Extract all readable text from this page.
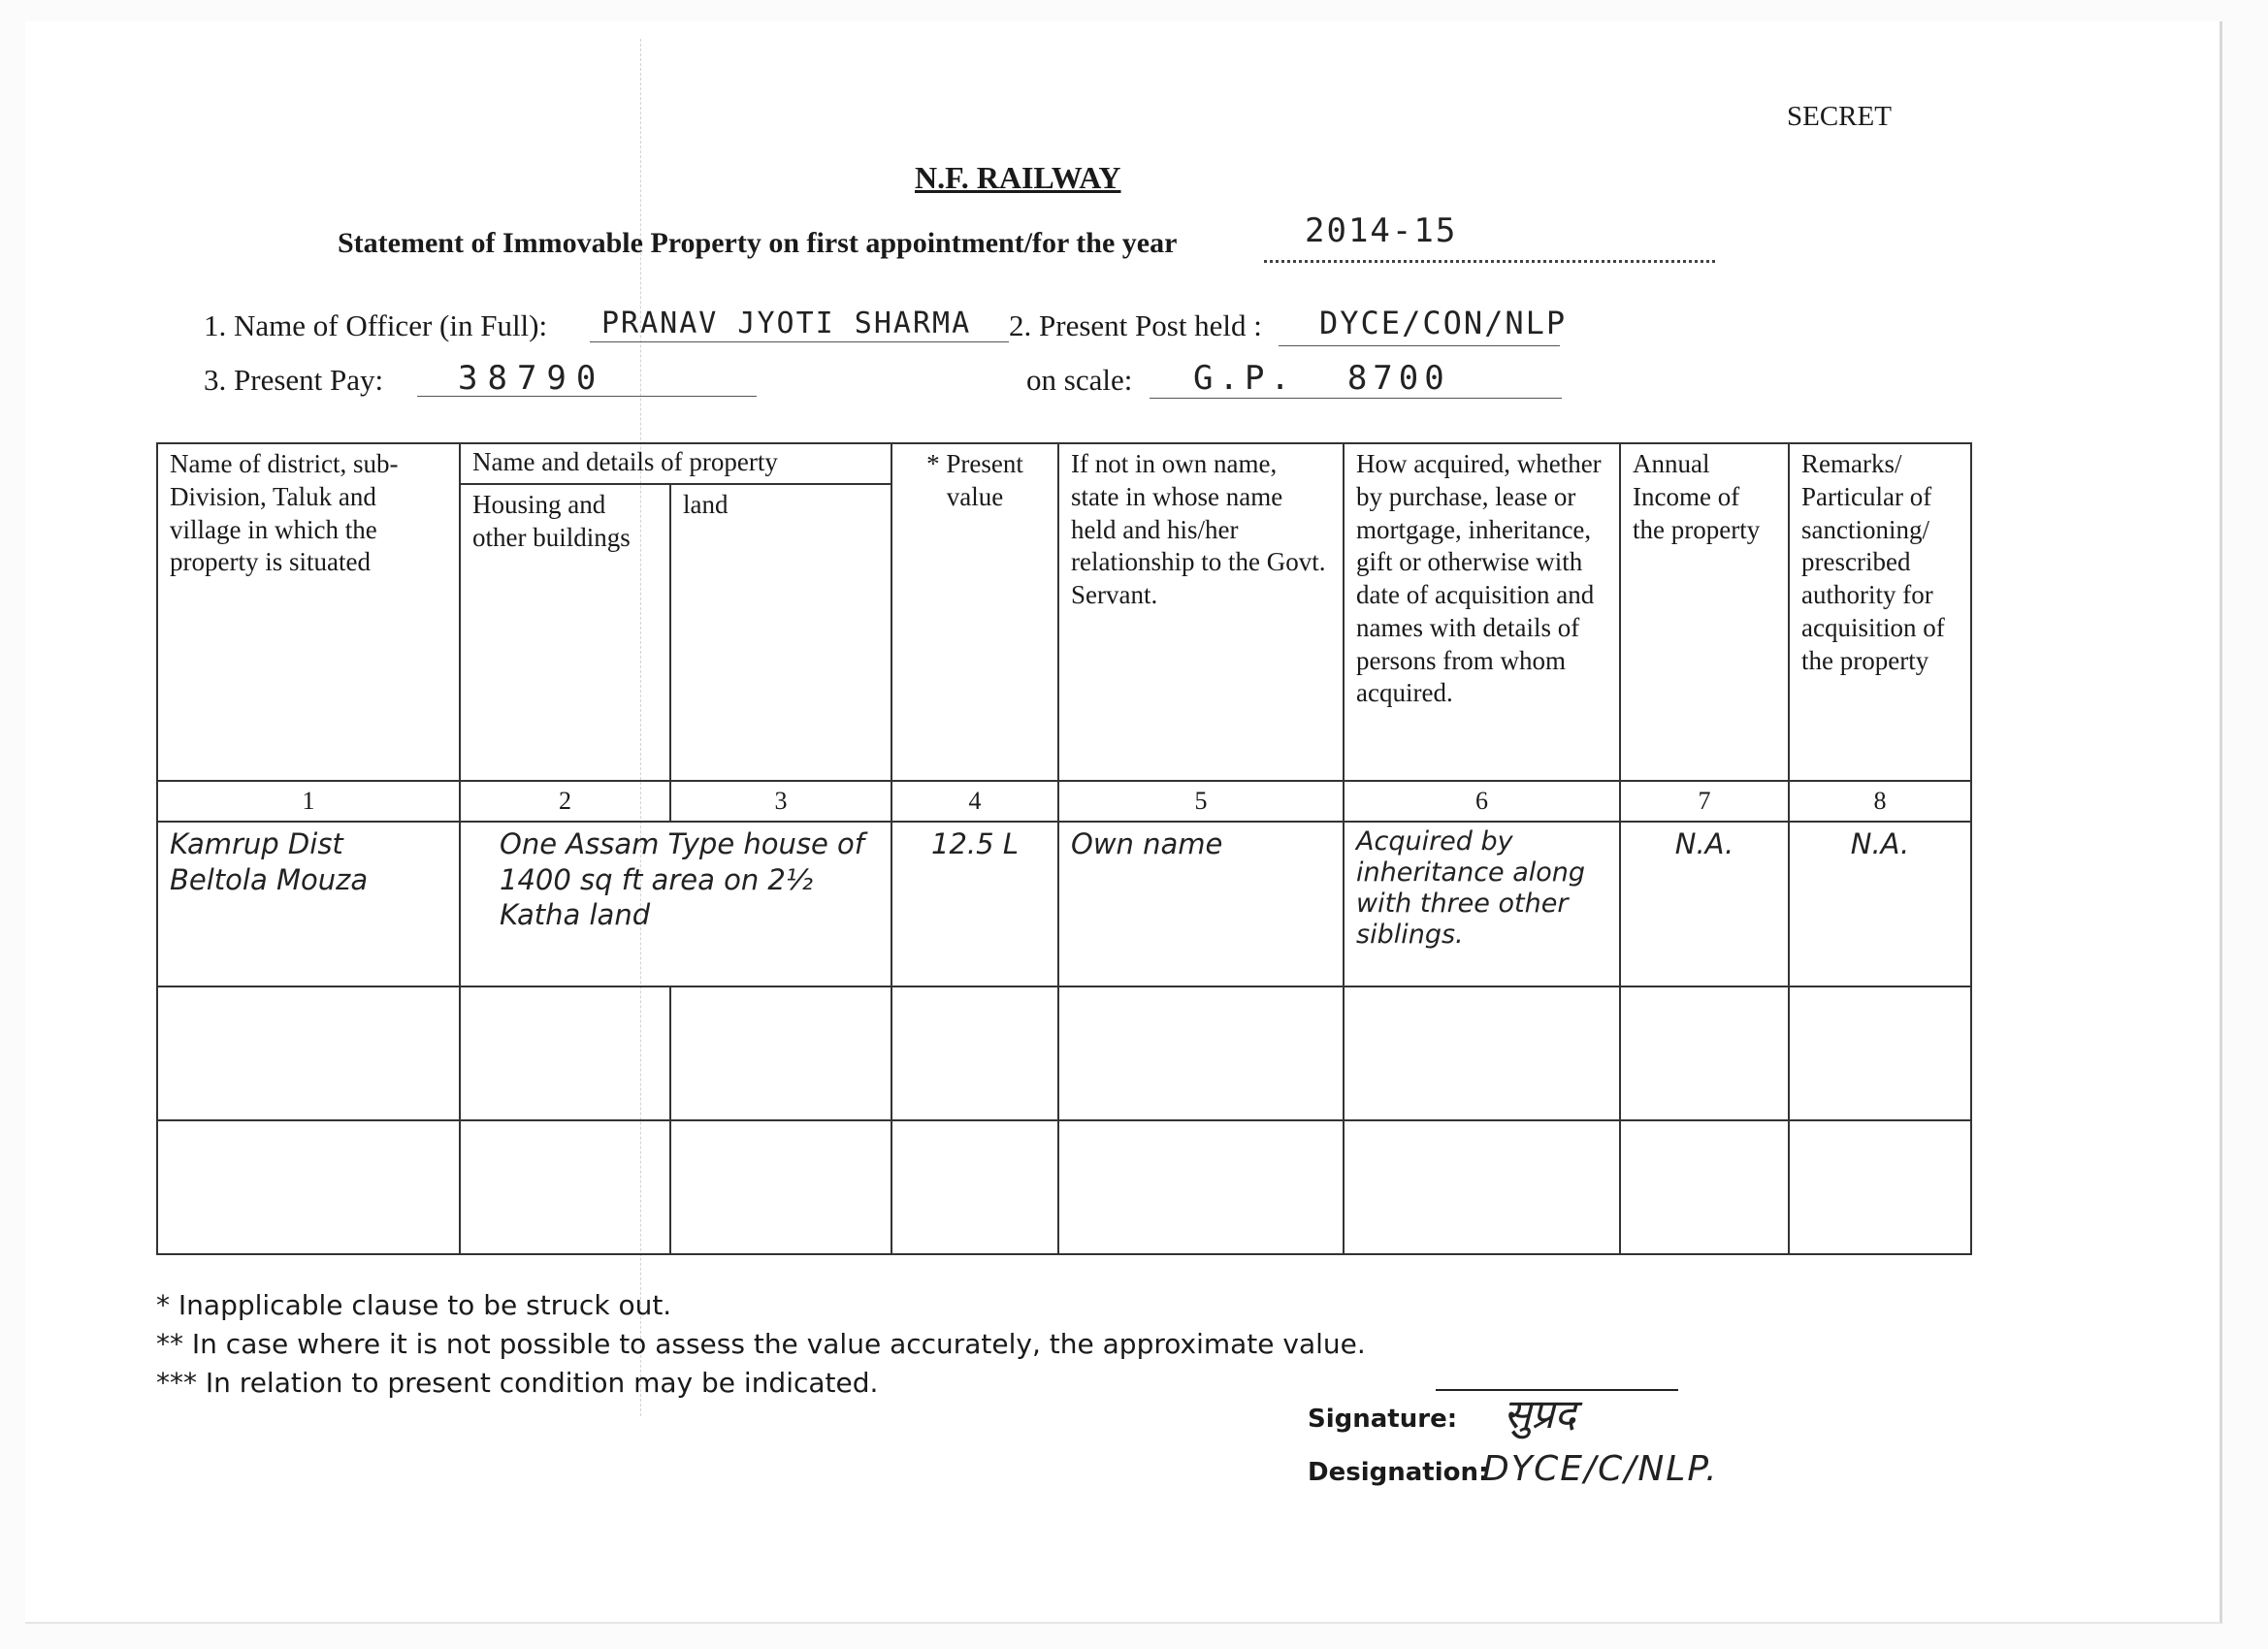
SECRET
N.F. RAILWAY
Statement of Immovable Property on first appointment/for the year	2014-15
1. Name of Officer (in Full): PRANAV JYOTI SHARMA 2. Present Post held : DYCE/CON/NLP
3. Present Pay: 38790	on scale: G.P.  8700
Name of district, sub-Division, Taluk and village in which the property is situated	Name and details of property		* Present value	If not in own name, state in whose name held and his/her relationship to the Govt. Servant.	How acquired, whether by purchase, lease or mortgage, inheritance, gift or otherwise with date of acquisition and names with details of persons from whom acquired.	Annual Income of the property	Remarks/ Particular of sanctioning/ prescribed authority for acquisition of the property
	Housing and other buildings	land					
1	2	3	4	5	6	7	8
Kamrup Dist Beltola Mouza	One Assam Type house of 1400 sq ft area on 2½ Katha land		12.5 L	Own name	Acquired by inheritance along with three other siblings.	N.A.	N.A.

* Inapplicable clause to be struck out.
** In case where it is not possible to assess the value accurately, the approximate value.
*** In relation to present condition may be indicated.
Signature: सुप्रद
Designation:
DYCE/C/NLP.
